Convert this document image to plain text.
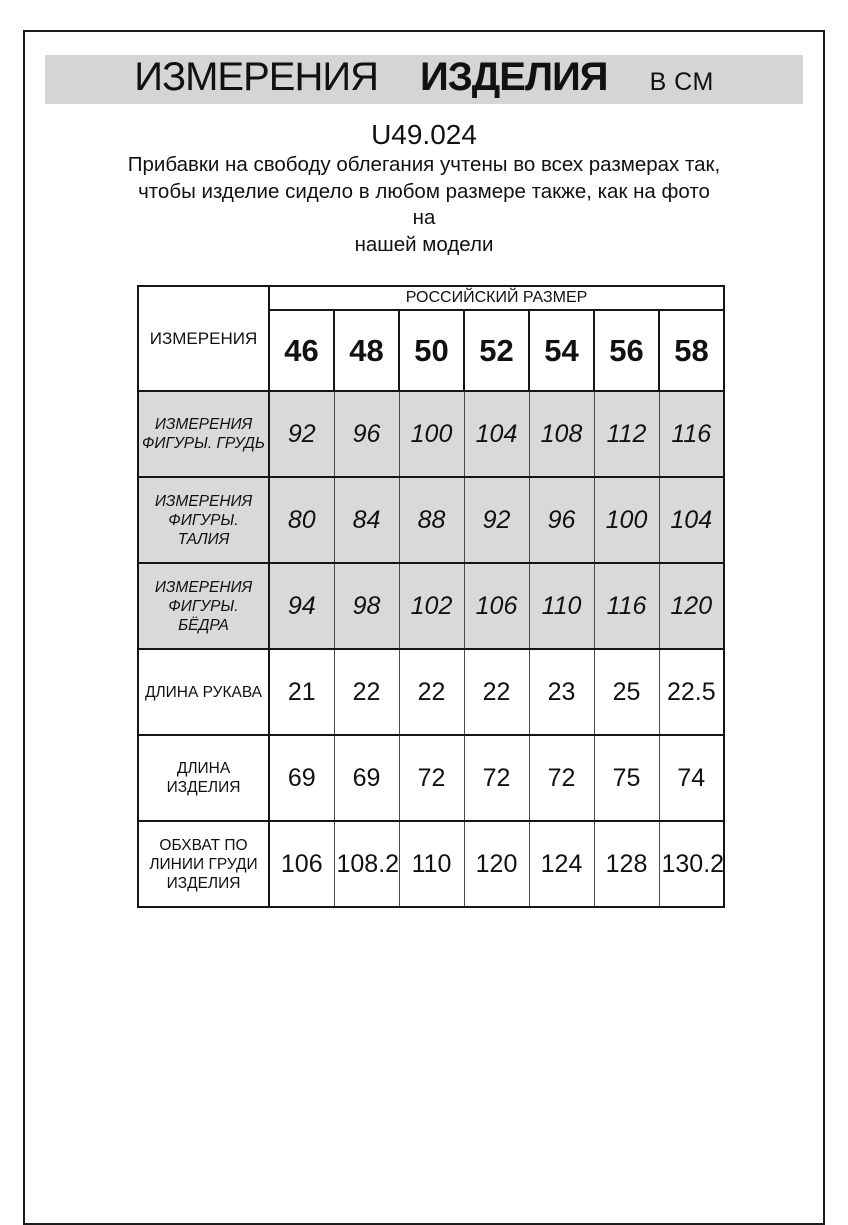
ИЗМЕРЕНИЯ ИЗДЕЛИЯ В СМ
U49.024
Прибавки на свободу облегания учтены во всех размерах так,
чтобы изделие сидело в любом размере также, как на фото на
нашей модели
ИЗМЕРЕНИЯ	РОССИЙСКИЙ РАЗМЕР						
	46	48	50	52	54	56	58
ИЗМЕРЕНИЯ ФИГУРЫ. ГРУДЬ	92	96	100	104	108	112	116
ИЗМЕРЕНИЯ ФИГУРЫ. ТАЛИЯ	80	84	88	92	96	100	104
ИЗМЕРЕНИЯ ФИГУРЫ. БЁДРА	94	98	102	106	110	116	120
ДЛИНА РУКАВА	21	22	22	22	23	25	22.5
ДЛИНА ИЗДЕЛИЯ	69	69	72	72	72	75	74
ОБХВАТ ПО ЛИНИИ ГРУДИ ИЗДЕЛИЯ	106	108.2	110	120	124	128	130.2
